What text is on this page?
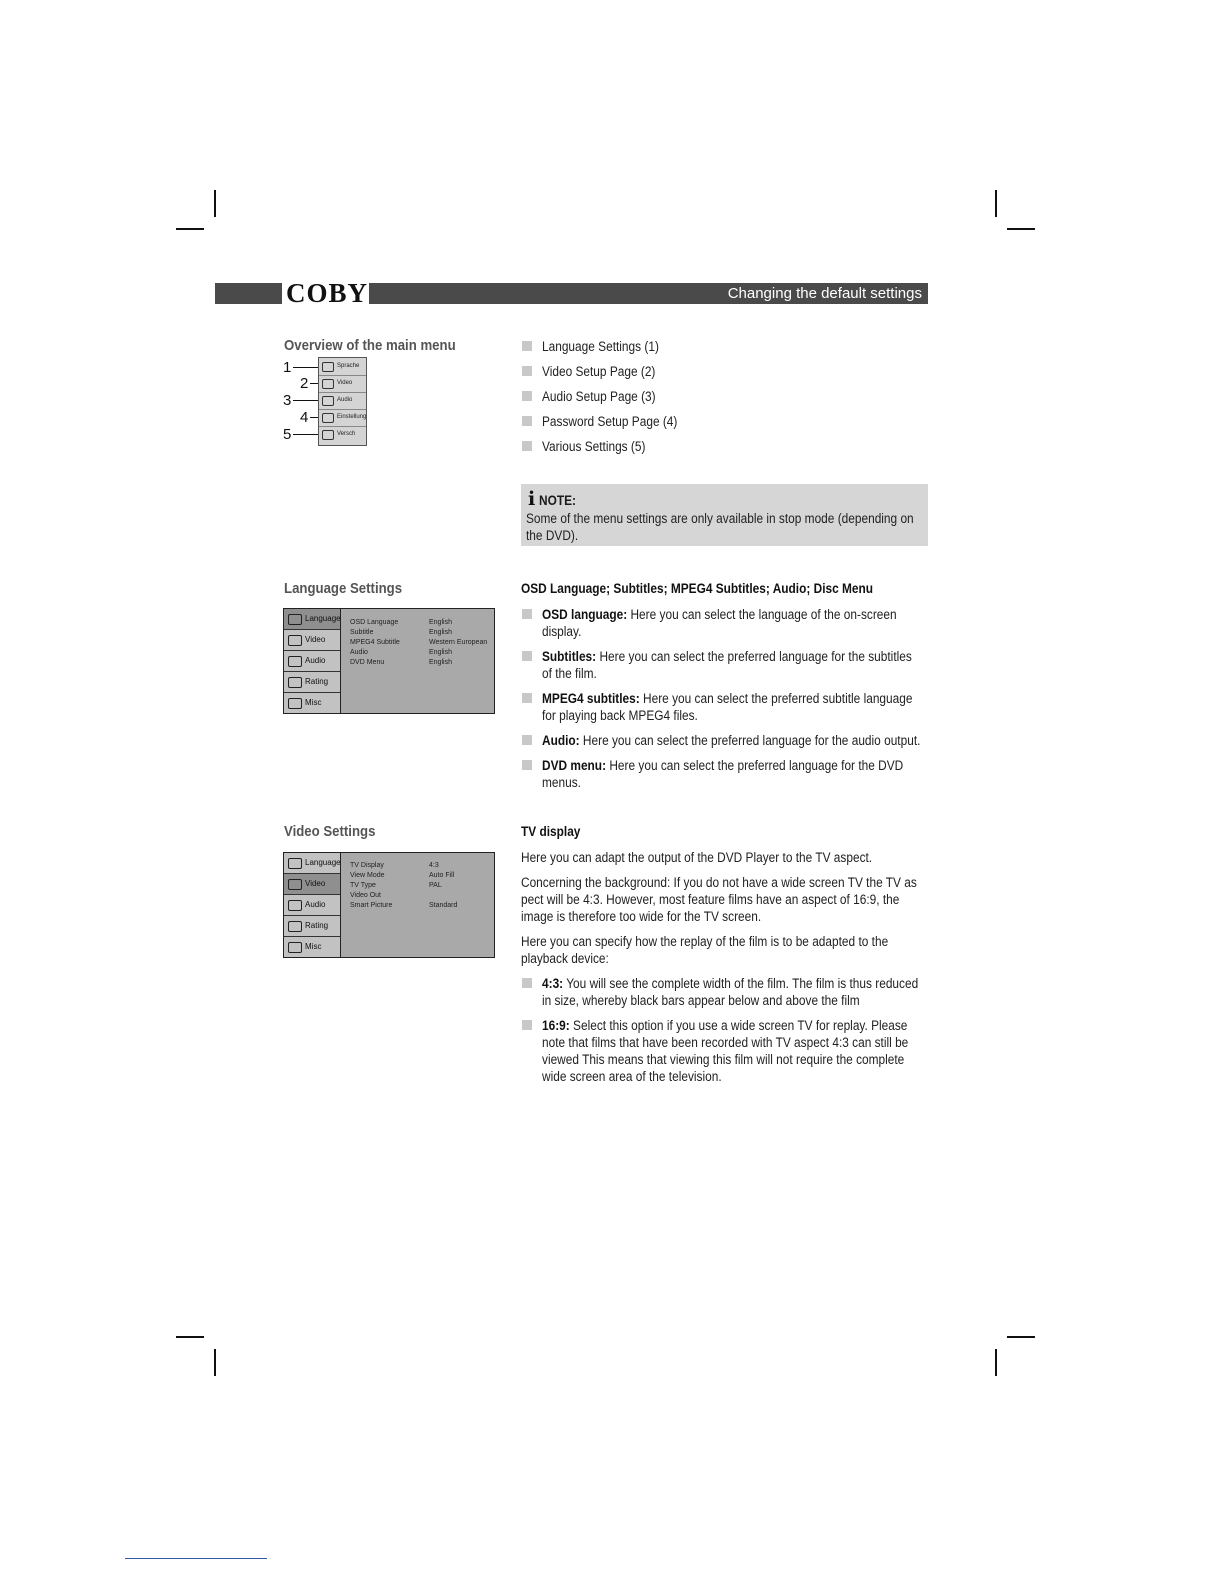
COBY	Changing the default settings
Overview of the main menu
Sprache
Video
Audio
Einstellung
Versch
1
2
3
4
5
Language Settings (1)
Video Setup Page (2)
Audio Setup Page (3)
Password Setup Page (4)
Various Settings (5)
i NOTE:
Some of the menu settings are only available in stop mode (depending on the DVD).
Language Settings	OSD Language; Subtitles; MPEG4 Subtitles; Audio; Disc Menu
Language
Video
Audio
Rating
Misc
OSD Language	English
Subtitle	English
MPEG4 Subtitle	Western European
Audio	English
DVD Menu	English
OSD language: Here you can select the language of the on-screen display.
Subtitles: Here you can select the preferred language for the subtitles of the film.
MPEG4 subtitles: Here you can select the preferred subtitle language for playing back MPEG4 files.
Audio: Here you can select the preferred language for the audio output.
DVD menu: Here you can select the preferred language for the DVD menus.
Video Settings	TV display
Language
Video
Audio
Rating
Misc
TV Display	4:3
View Mode	Auto Fill
TV Type	PAL
Video Out
Smart Picture	Standard
Here you can adapt the output of the DVD Player to the TV aspect.
Concerning the background: If you do not have a wide screen TV the TV as pect will be 4:3. However, most feature films have an aspect of 16:9, the image is therefore too wide for the TV screen.
Here you can specify how the replay of the film is to be adapted to the playback device:
4:3: You will see the complete width of the film. The film is thus reduced in size, whereby black bars appear below and above the film
16:9: Select this option if you use a wide screen TV for replay. Please note that films that have been recorded with TV aspect 4:3 can still be viewed This means that viewing this film will not require the complete wide screen area of the television.
